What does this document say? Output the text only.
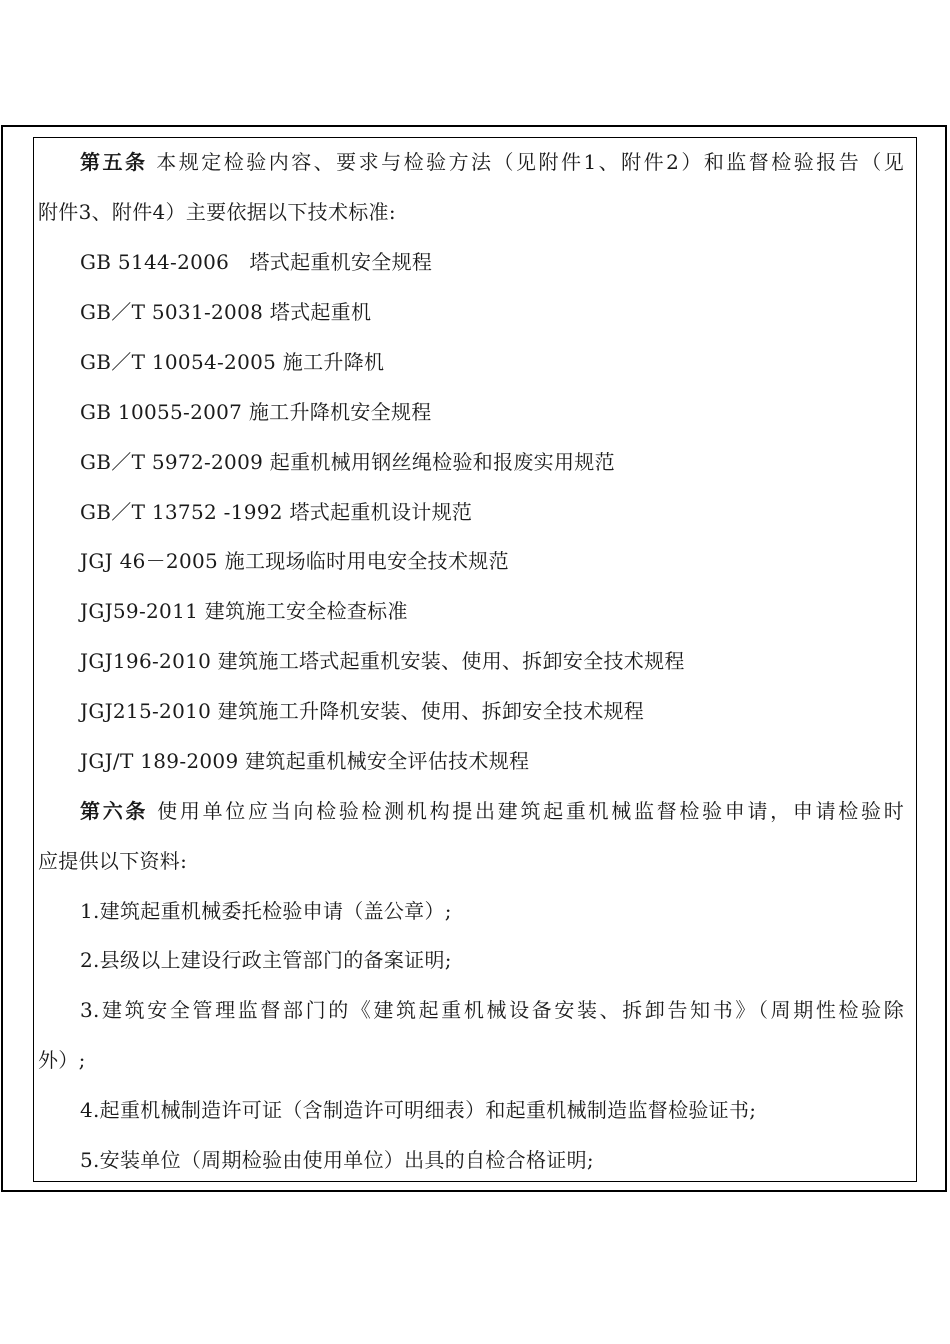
第五条 本规定检验内容、要求与检验方法（见附件1、附件2）和监督检验报告（见
附件3、附件4）主要依据以下技术标准:
GB 5144-2006　塔式起重机安全规程
GB／T 5031-2008 塔式起重机
GB／T 10054-2005 施工升降机
GB 10055-2007 施工升降机安全规程
GB／T 5972-2009 起重机械用钢丝绳检验和报废实用规范
GB／T 13752 -1992 塔式起重机设计规范
JGJ 46－2005 施工现场临时用电安全技术规范
JGJ59-2011 建筑施工安全检查标准
JGJ196-2010 建筑施工塔式起重机安装、使用、拆卸安全技术规程
JGJ215-2010 建筑施工升降机安装、使用、拆卸安全技术规程
JGJ/T 189-2009 建筑起重机械安全评估技术规程
第六条 使用单位应当向检验检测机构提出建筑起重机械监督检验申请，申请检验时
应提供以下资料:
1.建筑起重机械委托检验申请（盖公章）;
2.县级以上建设行政主管部门的备案证明;
3.建筑安全管理监督部门的《建筑起重机械设备安装、拆卸告知书》（周期性检验除
外）;
4.起重机械制造许可证（含制造许可明细表）和起重机械制造监督检验证书;
5.安装单位（周期检验由使用单位）出具的自检合格证明;
